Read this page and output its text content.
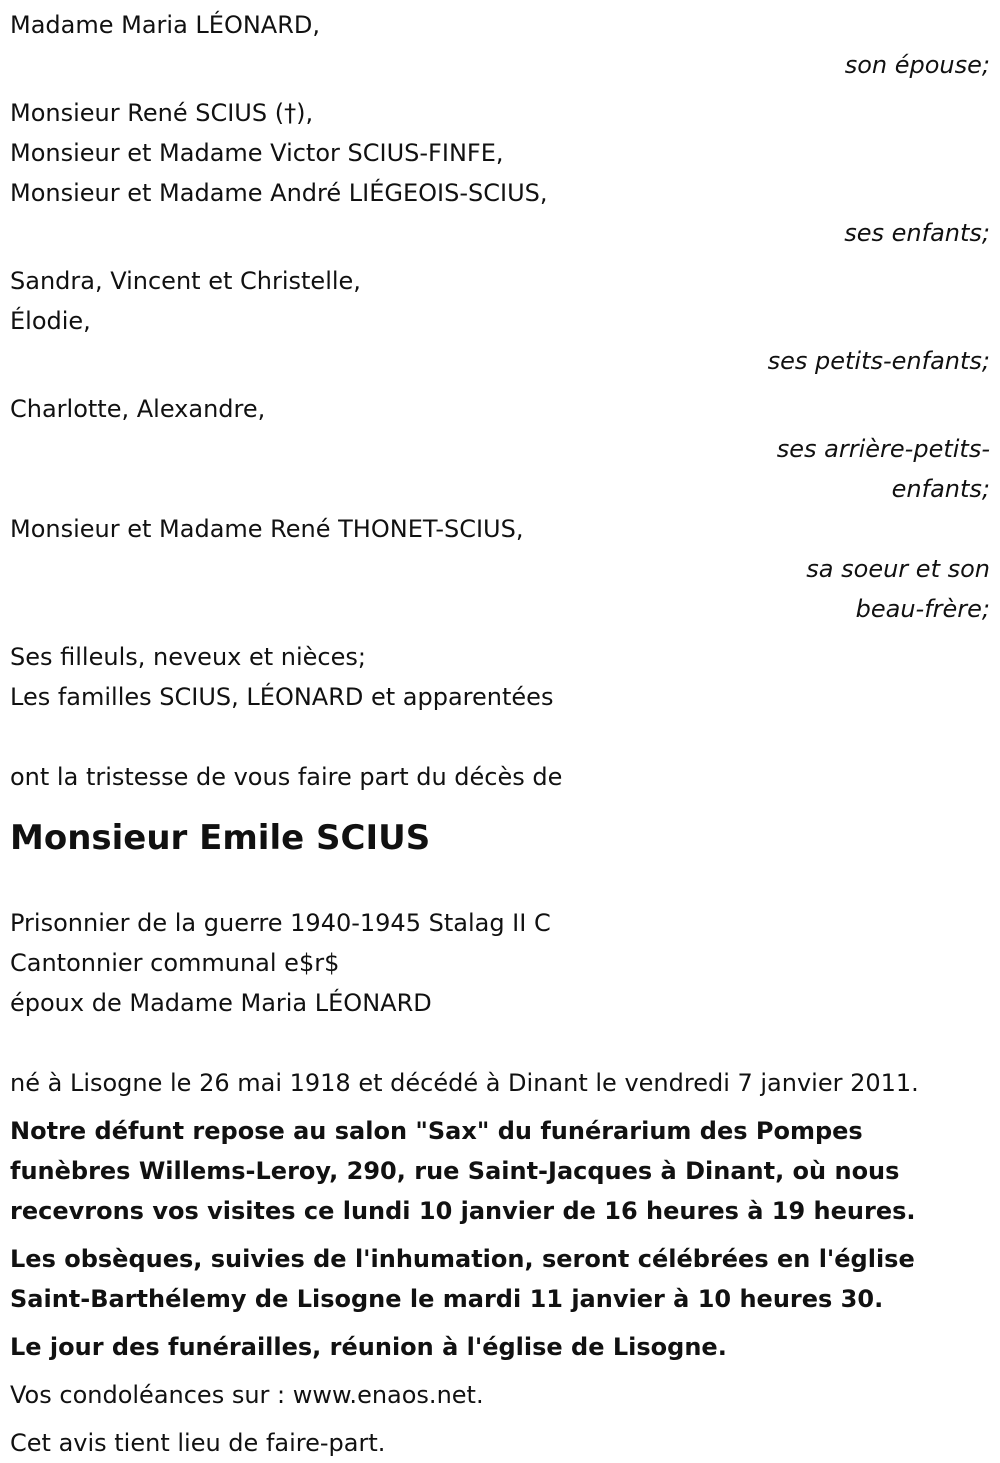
Madame Maria LÉONARD,
son épouse;
Monsieur René SCIUS (†),
Monsieur et Madame Victor SCIUS-FINFE,
Monsieur et Madame André LIÉGEOIS-SCIUS,
ses enfants;
Sandra, Vincent et Christelle,
Élodie,
ses petits-enfants;
Charlotte, Alexandre,
ses arrière-petits-
enfants;
Monsieur et Madame René THONET-SCIUS,
sa soeur et son
beau-frère;
Ses filleuls, neveux et nièces;
Les familles SCIUS, LÉONARD et apparentées
ont la tristesse de vous faire part du décès de
Monsieur Emile SCIUS
Prisonnier de la guerre 1940-1945 Stalag II C
Cantonnier communal e$r$
époux de Madame Maria LÉONARD
né à Lisogne le 26 mai 1918 et décédé à Dinant le vendredi 7 janvier 2011.
Notre défunt repose au salon "Sax" du funérarium des Pompes funèbres Willems-Leroy, 290, rue Saint-Jacques à Dinant, où nous recevrons vos visites ce lundi 10 janvier de 16 heures à 19 heures.
Les obsèques, suivies de l'inhumation, seront célébrées en l'église Saint-Barthélemy de Lisogne le mardi 11 janvier à 10 heures 30.
Le jour des funérailles, réunion à l'église de Lisogne.
Vos condoléances sur : www.enaos.net.
Cet avis tient lieu de faire-part.
